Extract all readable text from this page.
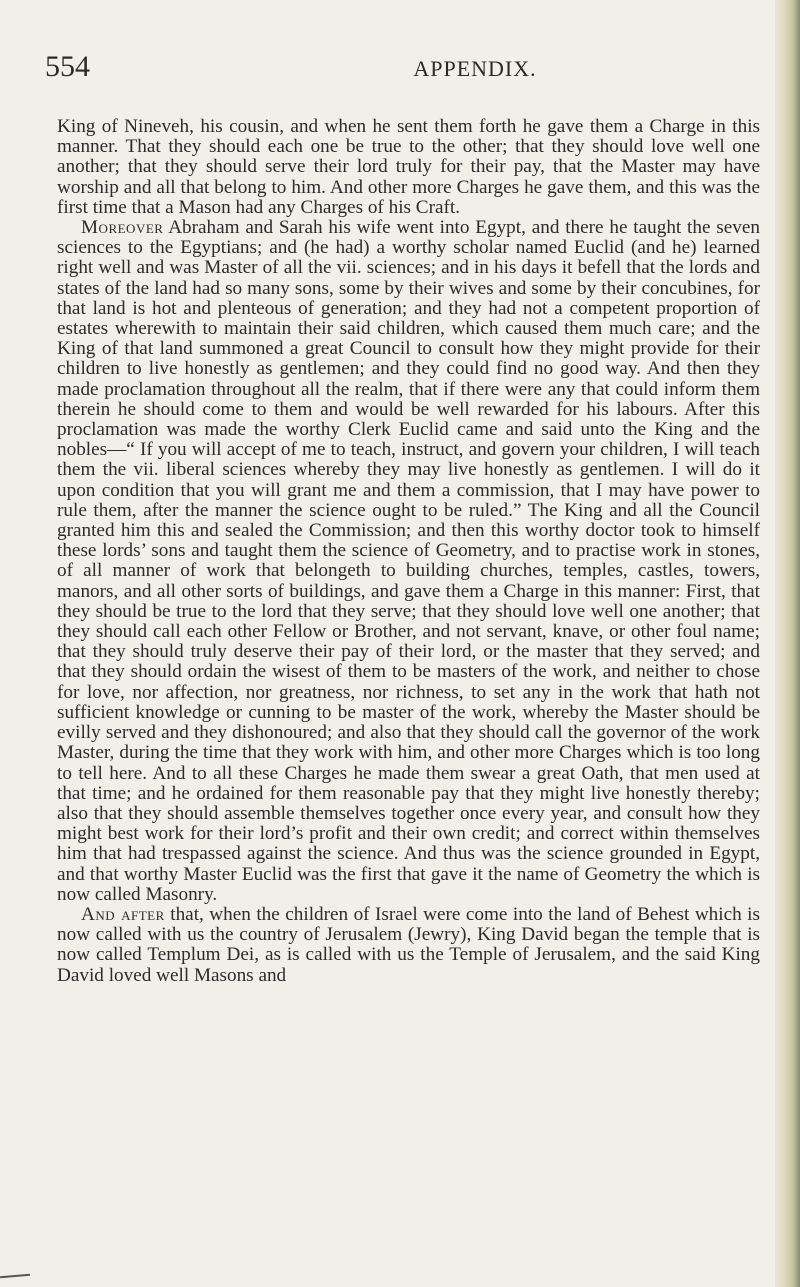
554	APPENDIX.

King of Nineveh, his cousin, and when he sent them forth he gave them a Charge in this manner. That they should each one be true to the other; that they should love well one another; that they should serve their lord truly for their pay, that the Master may have worship and all that belong to him. And other more Charges he gave them, and this was the first time that a Mason had any Charges of his Craft.

Moreover Abraham and Sarah his wife went into Egypt, and there he taught the seven sciences to the Egyptians; and (he had) a worthy scholar named Euclid (and he) learned right well and was Master of all the vii. sciences; and in his days it befell that the lords and states of the land had so many sons, some by their wives and some by their concubines, for that land is hot and plenteous of generation; and they had not a competent proportion of estates wherewith to maintain their said children, which caused them much care; and the King of that land summoned a great Council to consult how they might provide for their children to live honestly as gentlemen; and they could find no good way. And then they made proclamation throughout all the realm, that if there were any that could inform them therein he should come to them and would be well rewarded for his labours. After this proclamation was made the worthy Clerk Euclid came and said unto the King and the nobles—“ If you will accept of me to teach, instruct, and govern your children, I will teach them the vii. liberal sciences whereby they may live honestly as gentlemen. I will do it upon condition that you will grant me and them a commission, that I may have power to rule them, after the manner the science ought to be ruled.” The King and all the Council granted him this and sealed the Commission; and then this worthy doctor took to himself these lords’ sons and taught them the science of Geometry, and to practise work in stones, of all manner of work that belongeth to building churches, temples, castles, towers, manors, and all other sorts of buildings, and gave them a Charge in this manner: First, that they should be true to the lord that they serve; that they should love well one another; that they should call each other Fellow or Brother, and not servant, knave, or other foul name; that they should truly deserve their pay of their lord, or the master that they served; and that they should ordain the wisest of them to be masters of the work, and neither to chose for love, nor affection, nor greatness, nor richness, to set any in the work that hath not sufficient knowledge or cunning to be master of the work, whereby the Master should be evilly served and they dishonoured; and also that they should call the governor of the work Master, during the time that they work with him, and other more Charges which is too long to tell here. And to all these Charges he made them swear a great Oath, that men used at that time; and he ordained for them reasonable pay that they might live honestly thereby; also that they should assemble themselves together once every year, and consult how they might best work for their lord’s profit and their own credit; and correct within themselves him that had trespassed against the science. And thus was the science grounded in Egypt, and that worthy Master Euclid was the first that gave it the name of Geometry the which is now called Masonry.

And after that, when the children of Israel were come into the land of Behest which is now called with us the country of Jerusalem (Jewry), King David began the temple that is now called Templum Dei, as is called with us the Temple of Jerusalem, and the said King David loved well Masons and
